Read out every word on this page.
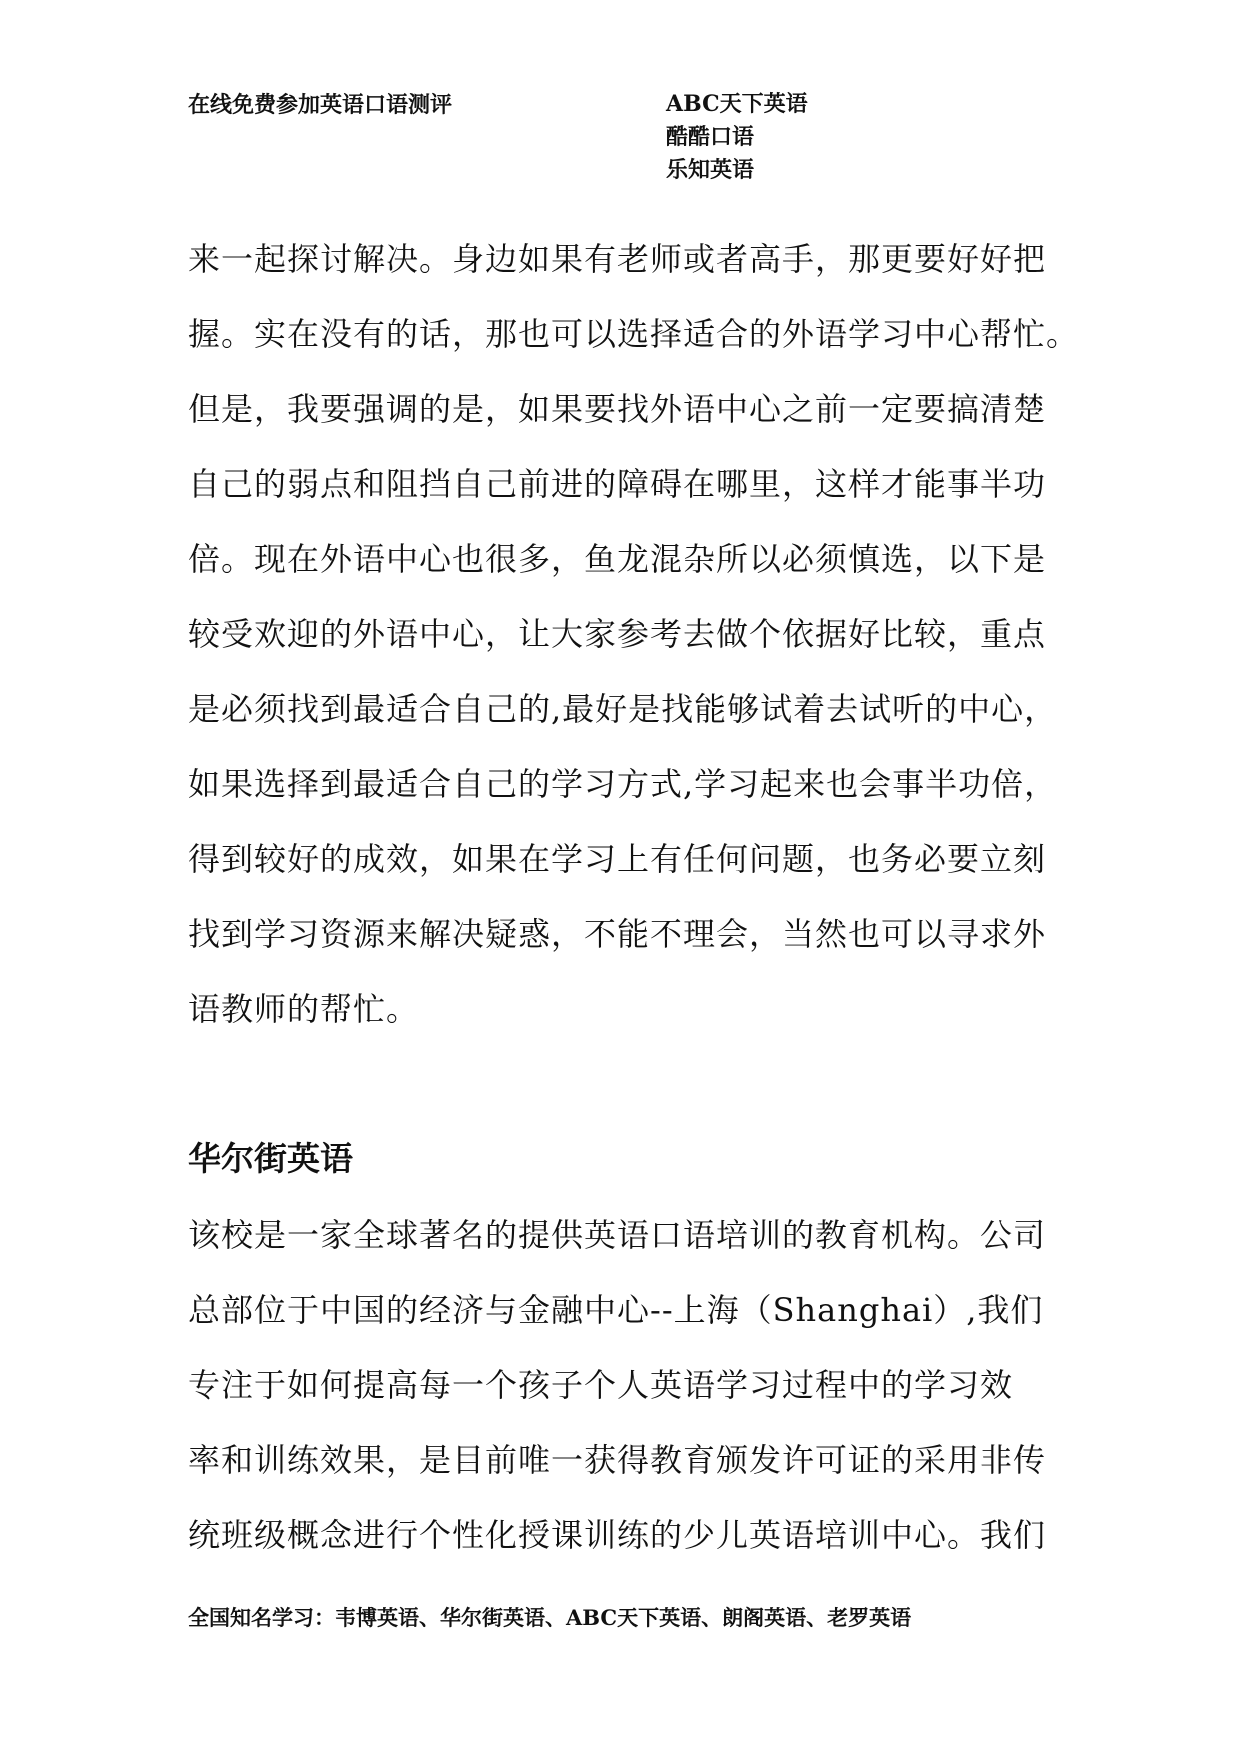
在线免费参加英语口语测评	ABC天下英语
酷酷口语
乐知英语
来一起探讨解决。身边如果有老师或者高手，那更要好好把
握。实在没有的话，那也可以选择适合的外语学习中心帮忙。
但是，我要强调的是，如果要找外语中心之前一定要搞清楚
自己的弱点和阻挡自己前进的障碍在哪里，这样才能事半功
倍。现在外语中心也很多，鱼龙混杂所以必须慎选，以下是
较受欢迎的外语中心，让大家参考去做个依据好比较，重点
是必须找到最适合自己的,最好是找能够试着去试听的中心，
如果选择到最适合自己的学习方式,学习起来也会事半功倍，
得到较好的成效，如果在学习上有任何问题，也务必要立刻
找到学习资源来解决疑惑，不能不理会，当然也可以寻求外
语教师的帮忙。
华尔街英语
该校是一家全球著名的提供英语口语培训的教育机构。公司
总部位于中国的经济与金融中心--上海（Shanghai）,我们
专注于如何提高每一个孩子个人英语学习过程中的学习效
率和训练效果，是目前唯一获得教育颁发许可证的采用非传
统班级概念进行个性化授课训练的少儿英语培训中心。我们
全国知名学习：韦博英语、华尔街英语、ABC天下英语、朗阁英语、老罗英语
